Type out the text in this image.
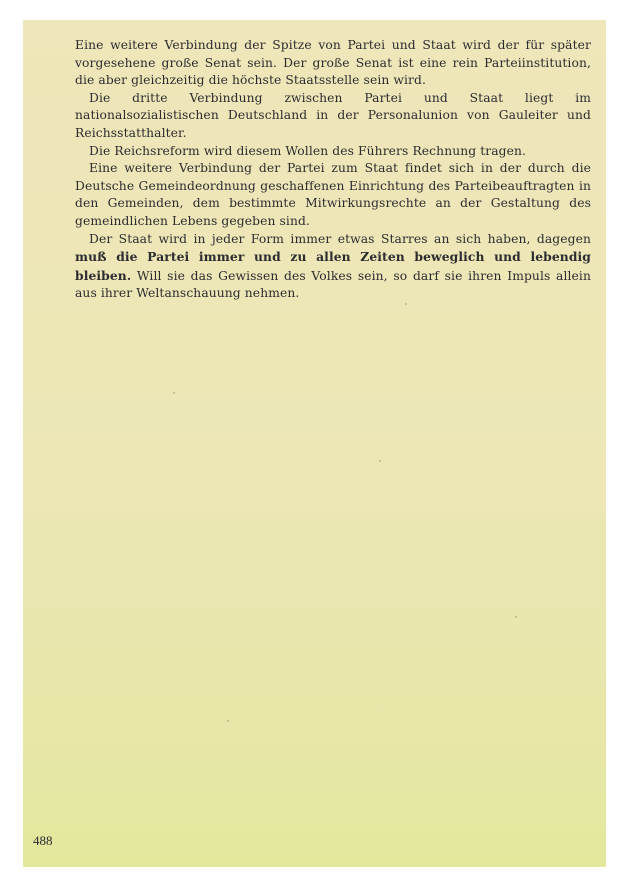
Eine weitere Verbindung der Spitze von Partei und Staat wird der für später vorgesehene große Senat sein. Der große Senat ist eine rein Parteiinstitution, die aber gleichzeitig die höchste Staatsstelle sein wird.

Die dritte Verbindung zwischen Partei und Staat liegt im nationalsozialistischen Deutschland in der Personalunion von Gauleiter und Reichsstatthalter.

Die Reichsreform wird diesem Wollen des Führers Rechnung tragen.

Eine weitere Verbindung der Partei zum Staat findet sich in der durch die Deutsche Gemeindeordnung geschaffenen Einrichtung des Parteibeauftragten in den Gemeinden, dem bestimmte Mitwirkungsrechte an der Gestaltung des gemeindlichen Lebens gegeben sind.

Der Staat wird in jeder Form immer etwas Starres an sich haben, dagegen muß die Partei immer und zu allen Zeiten beweglich und lebendig bleiben. Will sie das Gewissen des Volkes sein, so darf sie ihren Impuls allein aus ihrer Weltanschauung nehmen.

488
